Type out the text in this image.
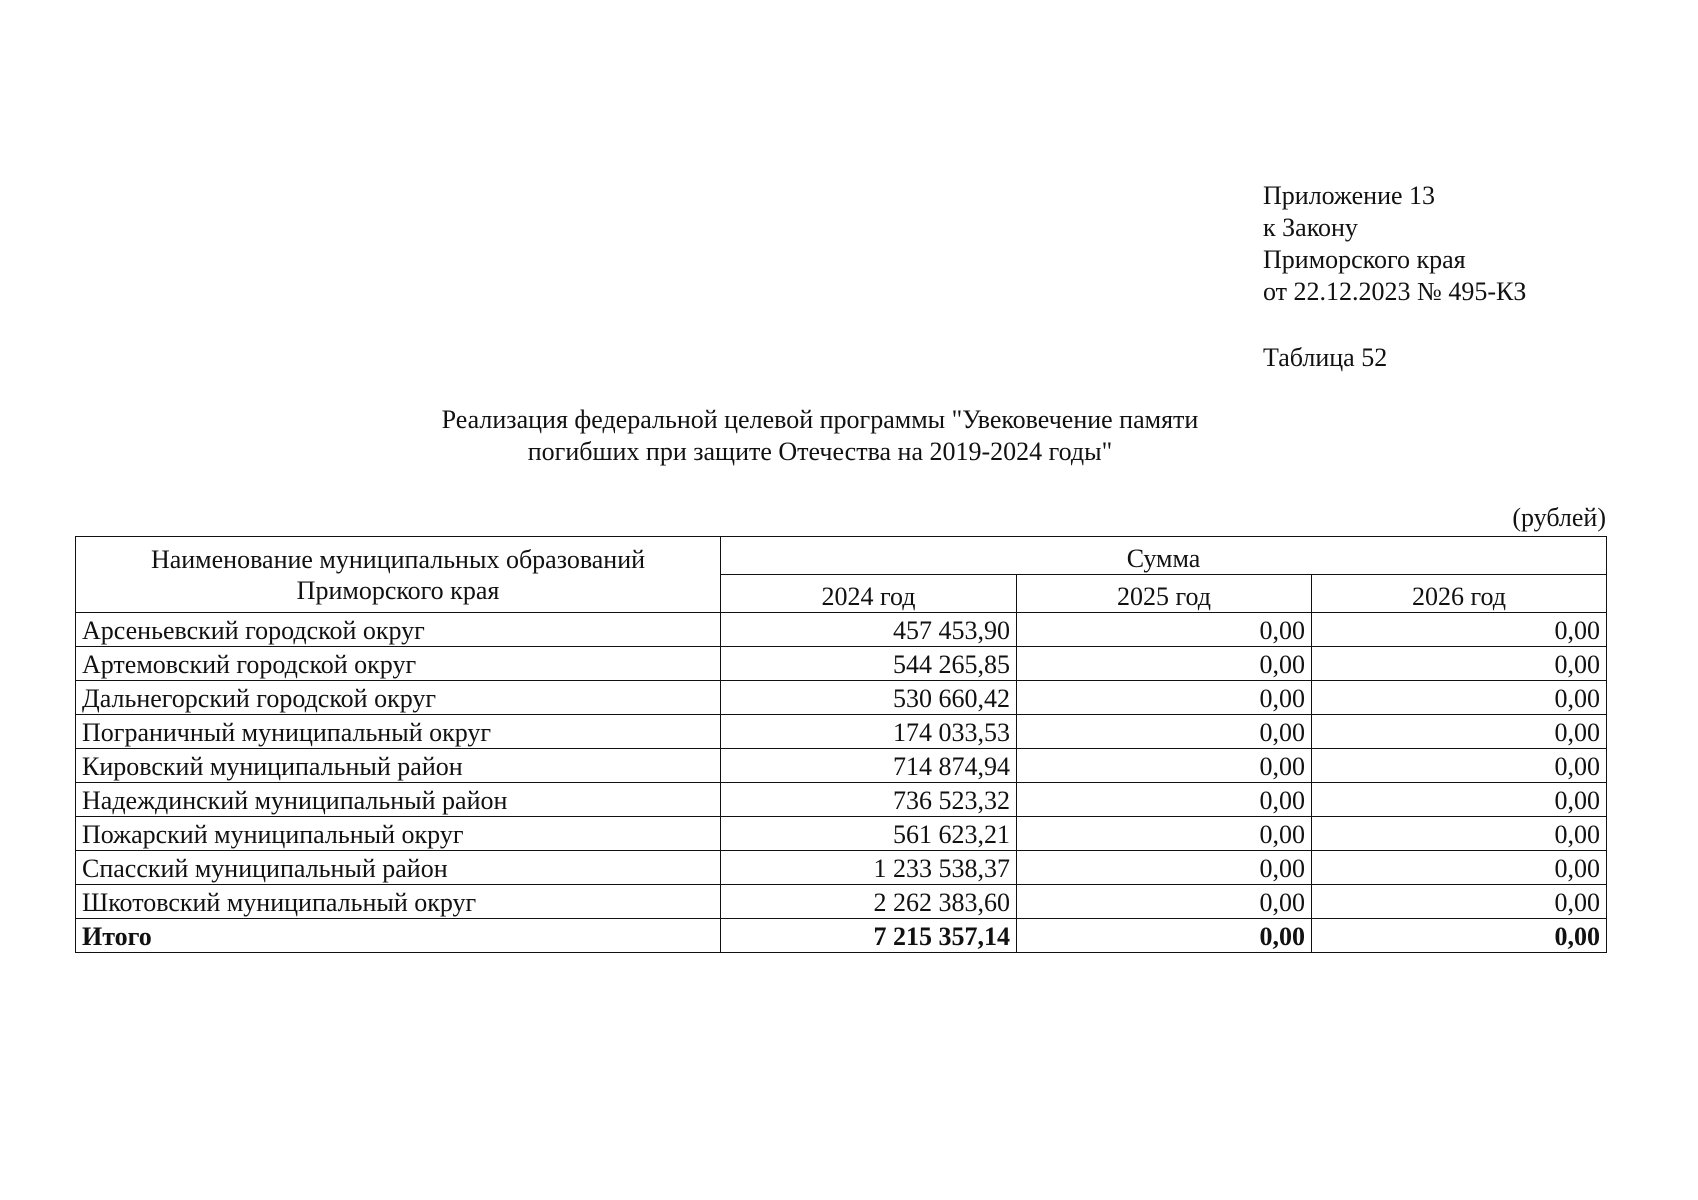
Приложение 13
к Закону
Приморского края
от 22.12.2023 № 495-КЗ
Таблица 52
Реализация федеральной целевой программы "Увековечение памяти
погибших при защите Отечества на 2019-2024 годы"
(рублей)
Наименование муниципальных образований
Приморского края	Сумма		
	2024 год	2025 год	2026 год
Арсеньевский городской округ	457 453,90	0,00	0,00
Артемовский городской округ	544 265,85	0,00	0,00
Дальнегорский городской округ	530 660,42	0,00	0,00
Пограничный муниципальный округ	174 033,53	0,00	0,00
Кировский муниципальный район	714 874,94	0,00	0,00
Надеждинский муниципальный район	736 523,32	0,00	0,00
Пожарский муниципальный округ	561 623,21	0,00	0,00
Спасский муниципальный район	1 233 538,37	0,00	0,00
Шкотовский муниципальный округ	2 262 383,60	0,00	0,00
Итого	7 215 357,14	0,00	0,00
